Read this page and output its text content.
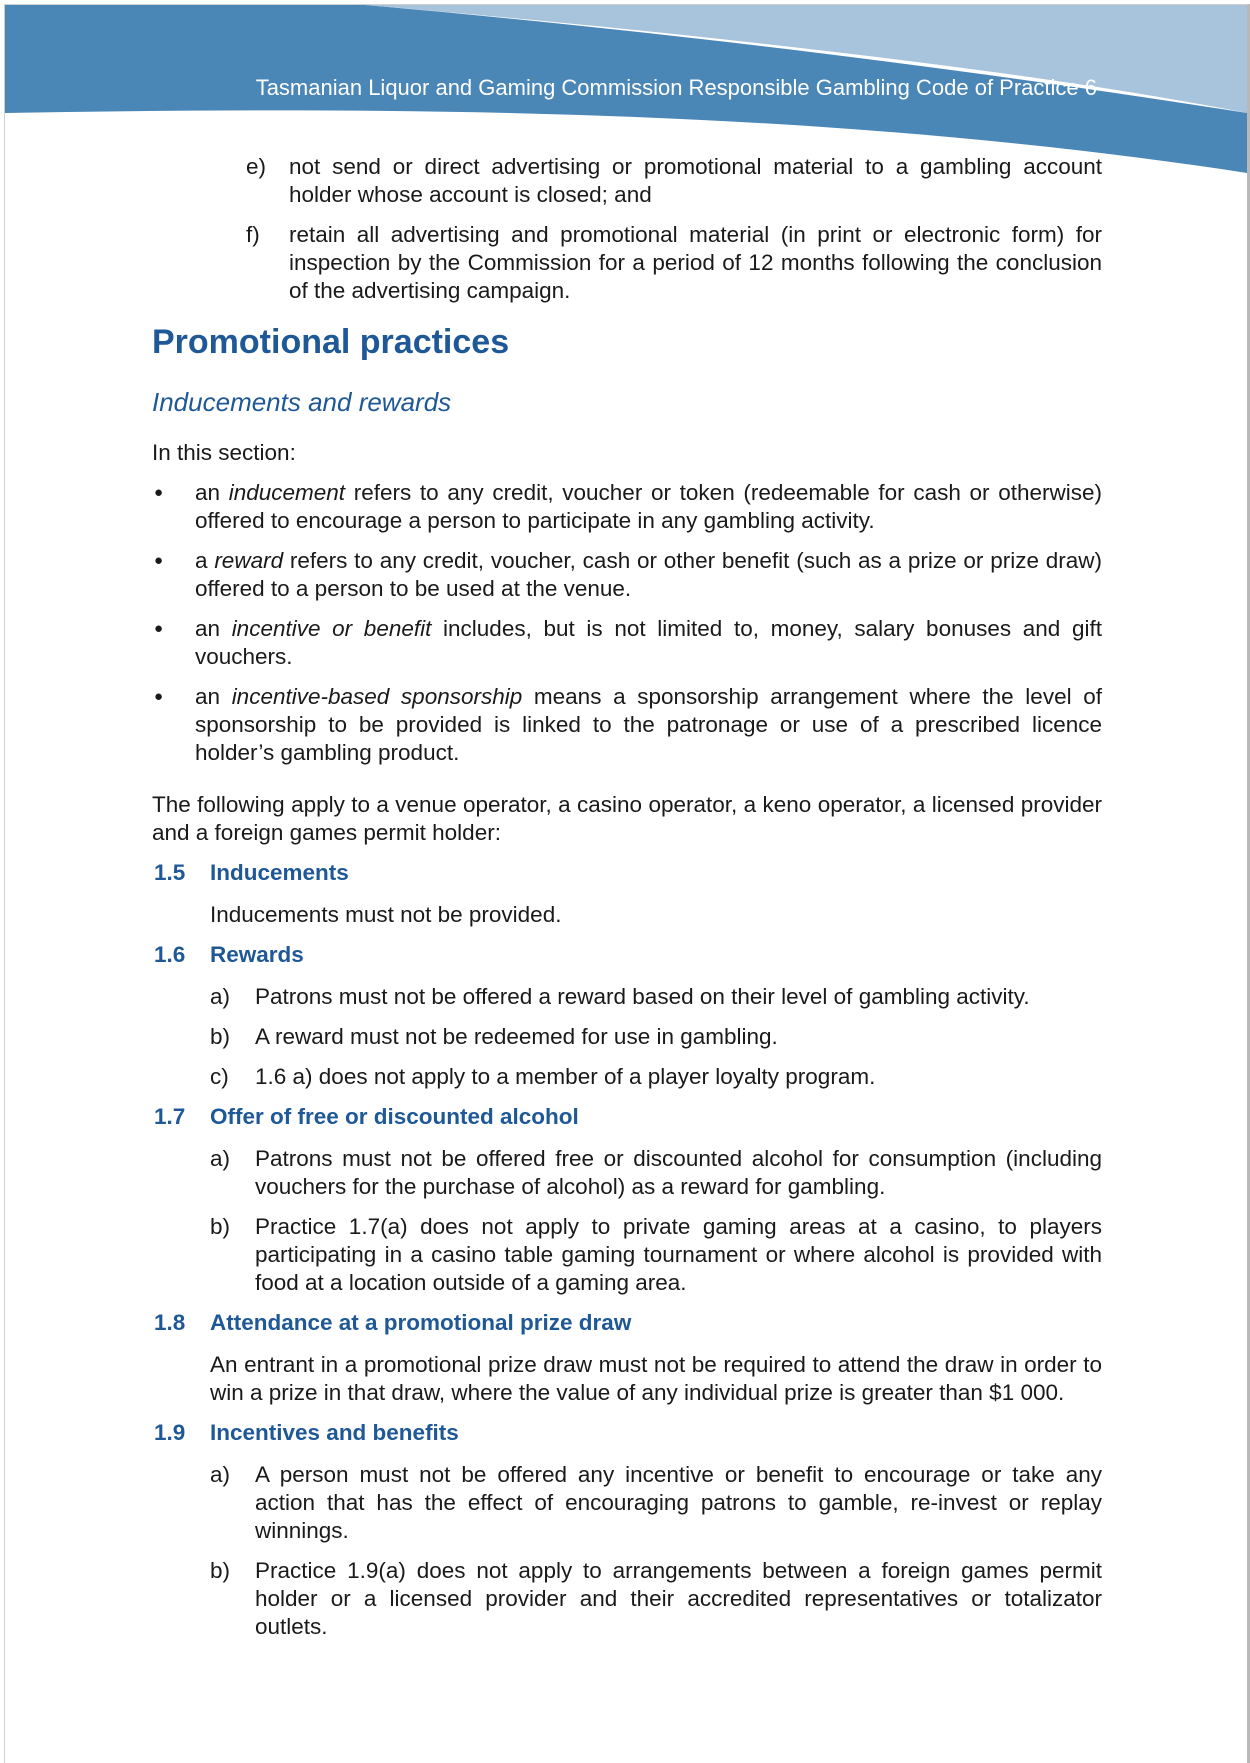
Tasmanian Liquor and Gaming Commission Responsible Gambling Code of Practice 6
e) not send or direct advertising or promotional material to a gambling account holder whose account is closed; and
f) retain all advertising and promotional material (in print or electronic form) for inspection by the Commission for a period of 12 months following the conclusion of the advertising campaign.
Promotional practices
Inducements and rewards
In this section:
● an inducement refers to any credit, voucher or token (redeemable for cash or otherwise) offered to encourage a person to participate in any gambling activity.
● a reward refers to any credit, voucher, cash or other benefit (such as a prize or prize draw) offered to a person to be used at the venue.
● an incentive or benefit includes, but is not limited to, money, salary bonuses and gift vouchers.
● an incentive-based sponsorship means a sponsorship arrangement where the level of sponsorship to be provided is linked to the patronage or use of a prescribed licence holder’s gambling product.
The following apply to a venue operator, a casino operator, a keno operator, a licensed provider and a foreign games permit holder:
1.5 Inducements
Inducements must not be provided.
1.6 Rewards
a) Patrons must not be offered a reward based on their level of gambling activity.
b) A reward must not be redeemed for use in gambling.
c) 1.6 a) does not apply to a member of a player loyalty program.
1.7 Offer of free or discounted alcohol
a) Patrons must not be offered free or discounted alcohol for consumption (including vouchers for the purchase of alcohol) as a reward for gambling.
b) Practice 1.7(a) does not apply to private gaming areas at a casino, to players participating in a casino table gaming tournament or where alcohol is provided with food at a location outside of a gaming area.
1.8 Attendance at a promotional prize draw
An entrant in a promotional prize draw must not be required to attend the draw in order to win a prize in that draw, where the value of any individual prize is greater than $1 000.
1.9 Incentives and benefits
a) A person must not be offered any incentive or benefit to encourage or take any action that has the effect of encouraging patrons to gamble, re-invest or replay winnings.
b) Practice 1.9(a) does not apply to arrangements between a foreign games permit holder or a licensed provider and their accredited representatives or totalizator outlets.
